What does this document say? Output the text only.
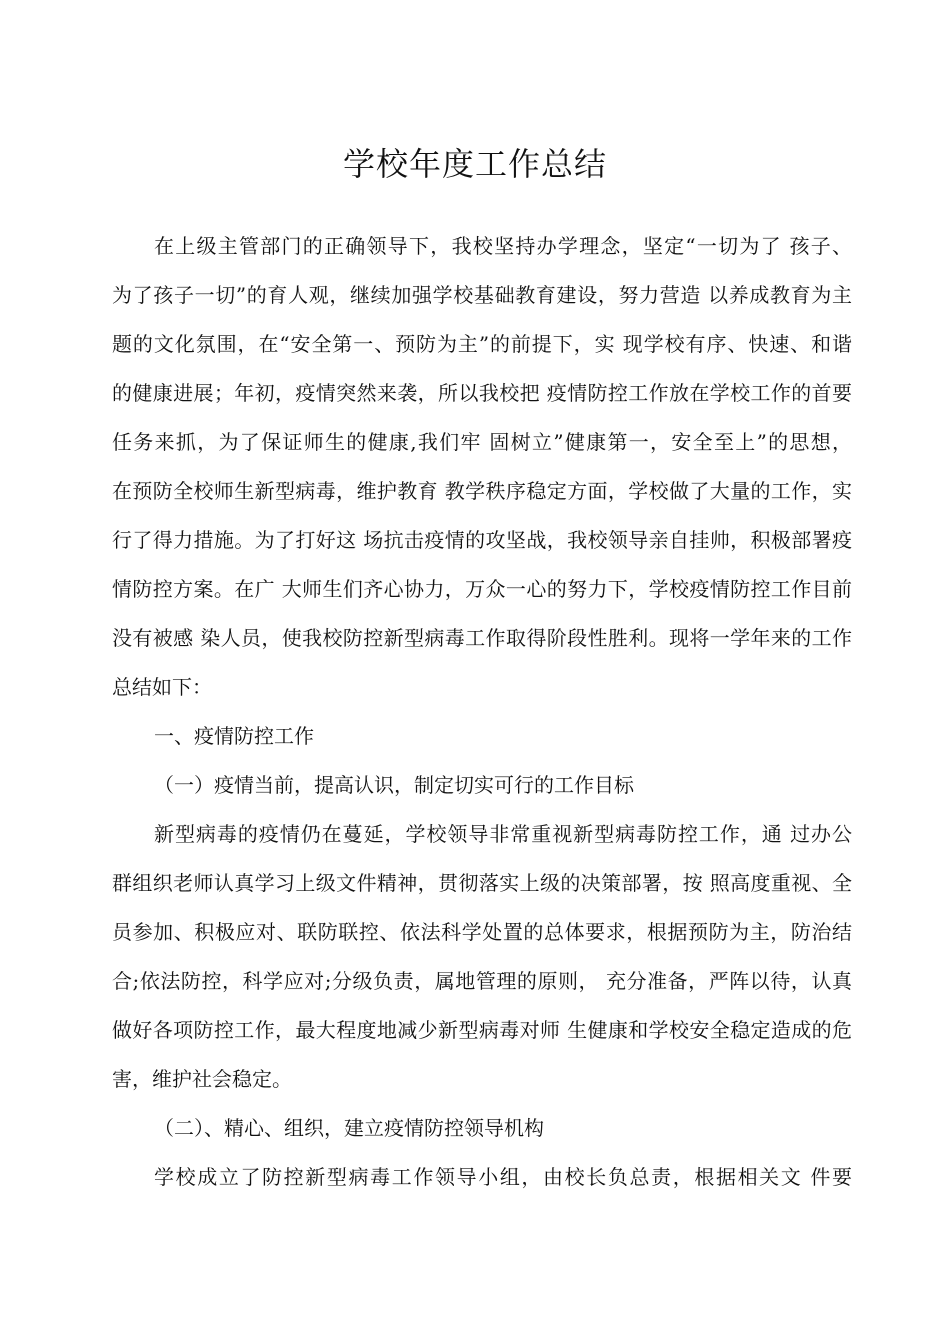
学校年度工作总结
在上级主管部门的正确领导下，我校坚持办学理念，坚定“一切为了 孩子、
为了孩子一切”的育人观，继续加强学校基础教育建设，努力营造 以养成教育为主
题的文化氛围，在“安全第一、预防为主”的前提下，实 现学校有序、快速、和谐
的健康进展；年初，疫情突然来袭，所以我校把 疫情防控工作放在学校工作的首要
任务来抓，为了保证师生的健康,我们牢 固树立”健康第一，安全至上”的思想，
在预防全校师生新型病毒，维护教育 教学秩序稳定方面，学校做了大量的工作，实
行了得力措施。为了打好这 场抗击疫情的攻坚战，我校领导亲自挂帅，积极部署疫
情防控方案。在广 大师生们齐心协力，万众一心的努力下，学校疫情防控工作目前
没有被感 染人员，使我校防控新型病毒工作取得阶段性胜利。现将一学年来的工作
总结如下：
一、疫情防控工作
（一）疫情当前，提高认识，制定切实可行的工作目标
新型病毒的疫情仍在蔓延，学校领导非常重视新型病毒防控工作，通 过办公
群组织老师认真学习上级文件精神，贯彻落实上级的决策部署，按 照高度重视、全
员参加、积极应对、联防联控、依法科学处置的总体要求，根据预防为主，防治结
合;依法防控，科学应对;分级负责，属地管理的原则， 充分准备，严阵以待，认真
做好各项防控工作，最大程度地减少新型病毒对师 生健康和学校安全稳定造成的危
害，维护社会稳定。
（二）、精心、组织，建立疫情防控领导机构
学校成立了防控新型病毒工作领导小组，由校长负总责，根据相关文 件要
